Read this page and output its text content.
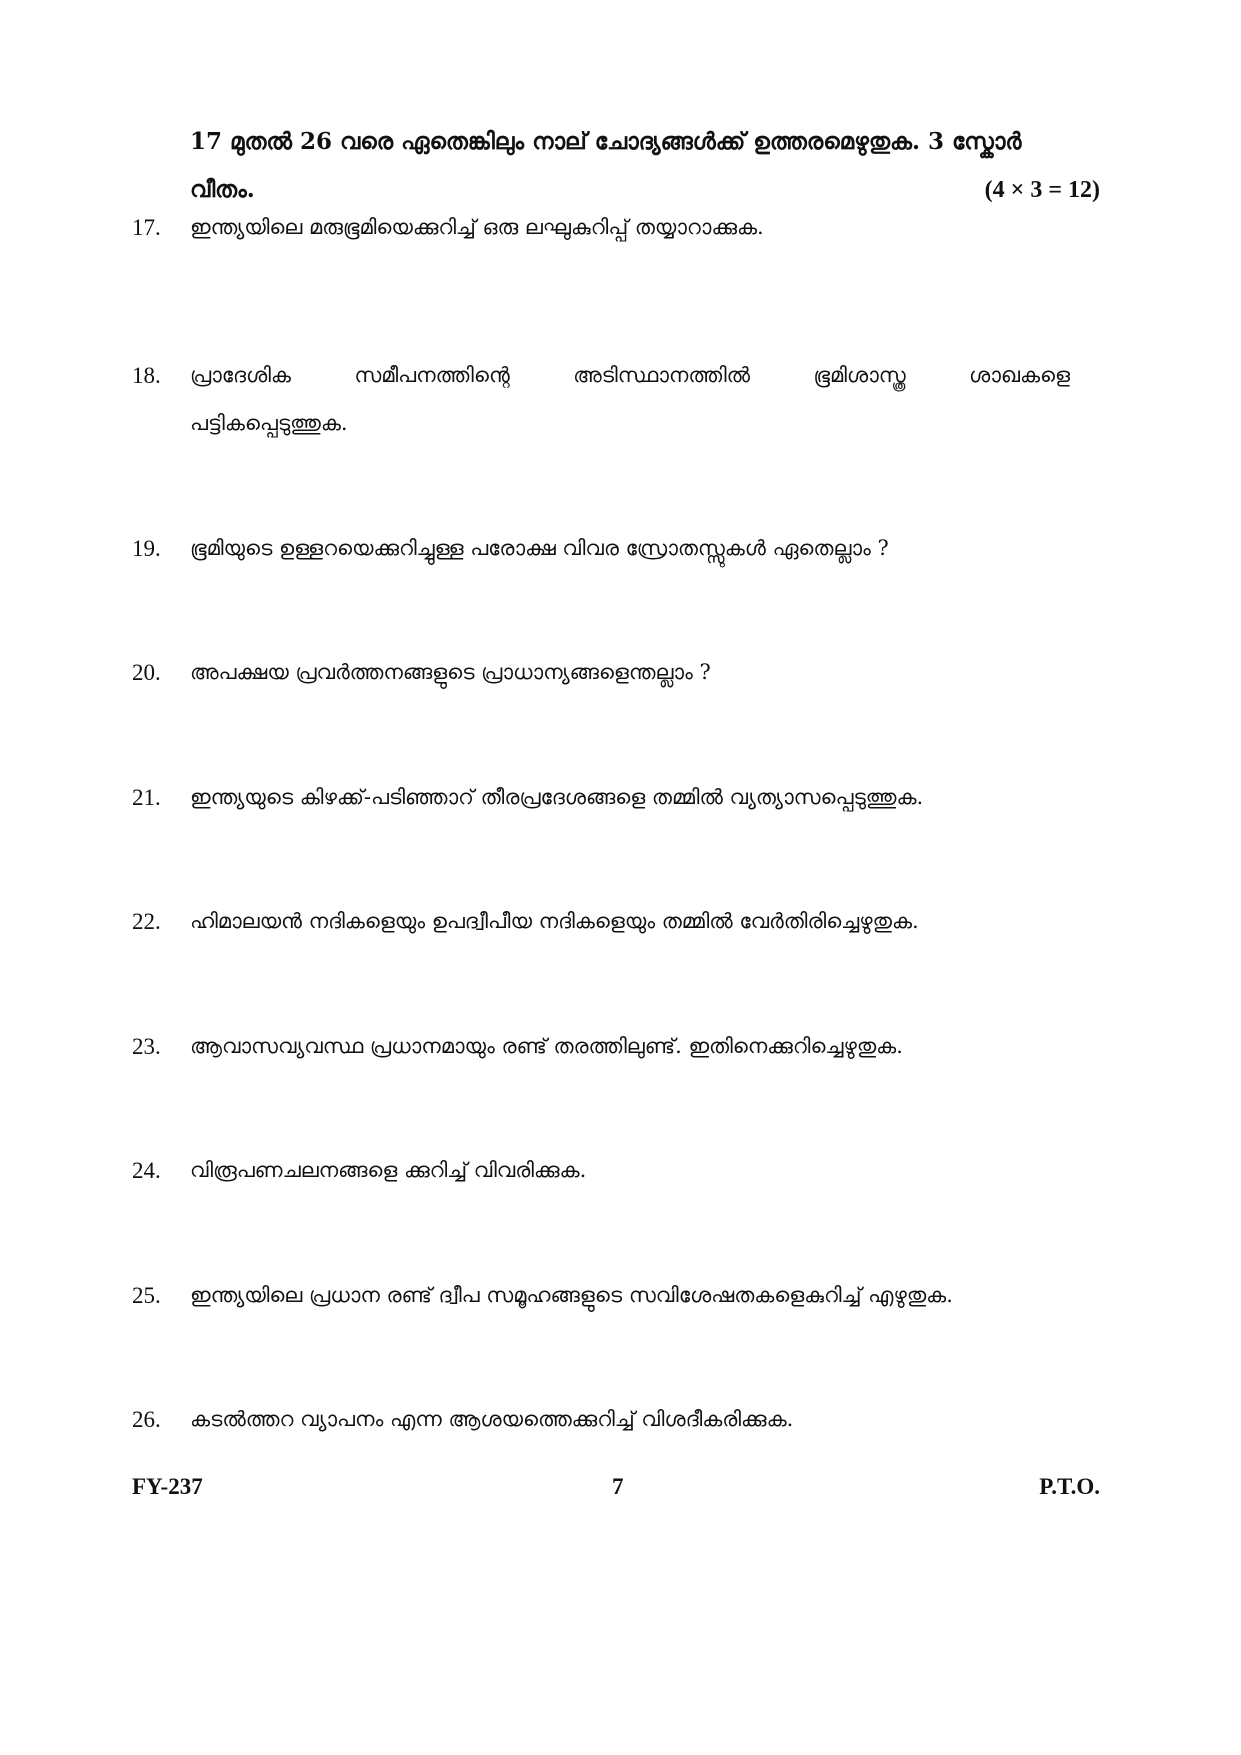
17 മുതൽ 26 വരെ ഏതെങ്കിലും നാല് ചോദ്യങ്ങൾക്ക് ഉത്തരമെഴുതുക. 3 സ്കോർ
വീതം.	(4 × 3 = 12)
17.	ഇന്ത്യയിലെ മരുഭൂമിയെക്കുറിച്ച് ഒരു ലഘുകുറിപ്പ് തയ്യാറാക്കുക.
18.	പ്രാദേശിക	സമീപനത്തിന്റെ	അടിസ്ഥാനത്തിൽ	ഭൂമിശാസ്ത്ര	ശാഖകളെ
പട്ടികപ്പെടുത്തുക.
19.	ഭൂമിയുടെ ഉള്ളറയെക്കുറിച്ചുള്ള പരോക്ഷ വിവര സ്രോതസ്സുകൾ ഏതെല്ലാം ?
20.	അപക്ഷയ പ്രവർത്തനങ്ങളുടെ പ്രാധാന്യങ്ങളെന്തല്ലാം ?
21.	ഇന്ത്യയുടെ കിഴക്ക്-പടിഞ്ഞാറ് തീരപ്രദേശങ്ങളെ തമ്മിൽ വ്യത്യാസപ്പെടുത്തുക.
22.	ഹിമാലയൻ നദികളെയും ഉപദ്വീപീയ നദികളെയും തമ്മിൽ വേർതിരിച്ചെഴുതുക.
23.	ആവാസവ്യവസ്ഥ പ്രധാനമായും രണ്ട് തരത്തിലുണ്ട്. ഇതിനെക്കുറിച്ചെഴുതുക.
24.	വിരൂപണചലനങ്ങളെ ക്കുറിച്ച് വിവരിക്കുക.
25.	ഇന്ത്യയിലെ പ്രധാന രണ്ട് ദ്വീപ സമൂഹങ്ങളുടെ സവിശേഷതകളെകുറിച്ച് എഴുതുക.
26.	കടൽത്തറ വ്യാപനം എന്ന ആശയത്തെക്കുറിച്ച് വിശദീകരിക്കുക.
FY-237	7	P.T.O.
